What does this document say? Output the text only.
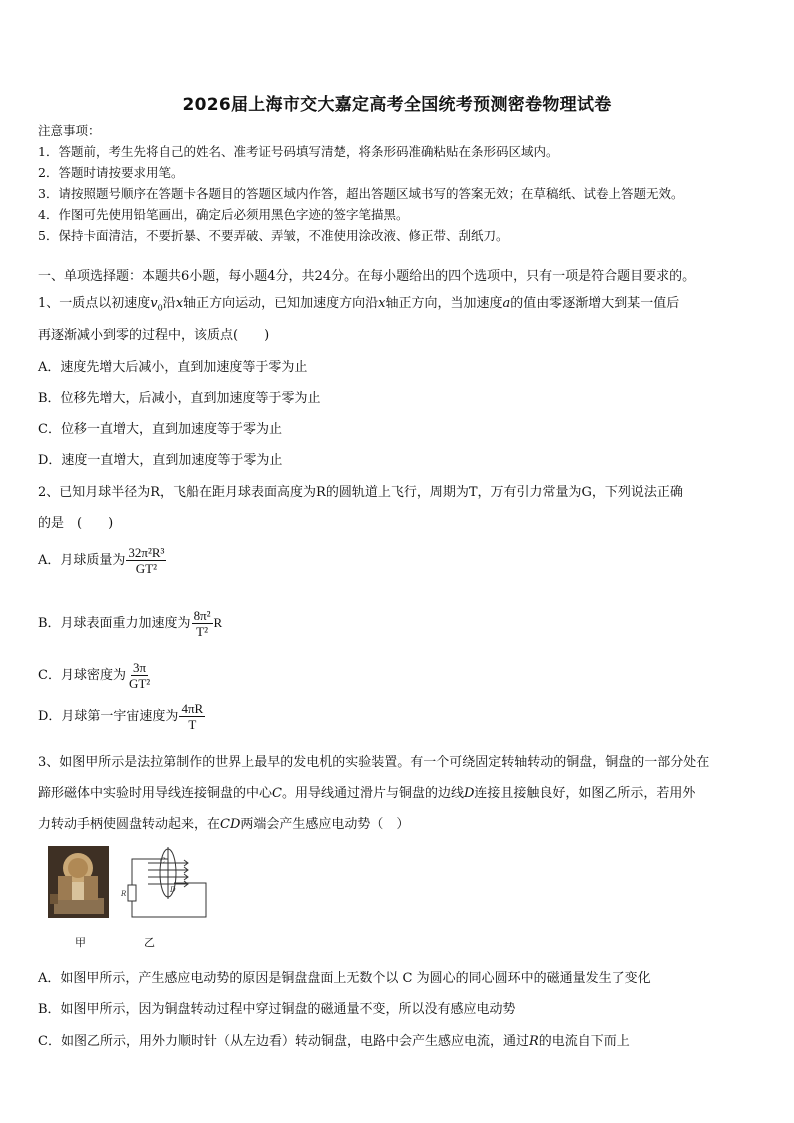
2026届上海市交大嘉定高考全国统考预测密卷物理试卷
注意事项：
1．答题前，考生先将自己的姓名、准考证号码填写清楚，将条形码准确粘贴在条形码区域内。
2．答题时请按要求用笔。
3．请按照题号顺序在答题卡各题目的答题区域内作答，超出答题区域书写的答案无效；在草稿纸、试卷上答题无效。
4．作图可先使用铅笔画出，确定后必须用黑色字迹的签字笔描黑。
5．保持卡面清洁，不要折暴、不要弄破、弄皱，不准使用涂改液、修正带、刮纸刀。
一、单项选择题：本题共6小题，每小题4分，共24分。在每小题给出的四个选项中，只有一项是符合题目要求的。
1、一质点以初速度$v_0$沿x轴正方向运动，已知加速度方向沿x轴正方向，当加速度a的值由零逐渐增大到某一值后
再逐渐减小到零的过程中，该质点(　　)
A．速度先增大后减小，直到加速度等于零为止
B．位移先增大，后减小，直到加速度等于零为止
C．位移一直增大，直到加速度等于零为止
D．速度一直增大，直到加速度等于零为止
2、已知月球半径为R，飞船在距月球表面高度为R的圆轨道上飞行，周期为T，万有引力常量为G，下列说法正确
的是　(　　)
A．月球质量为 $\frac{\text{32π²R³}}{\text{GT²}}$
B．月球表面重力加速度为 $\frac{\text{8π²}}{\text{T²}}$ R
C．月球密度为 $\frac{3\pi}{\text{GT²}}$
D．月球第一宇宙速度为 $\frac{4\pi R}{T}$
3、如图甲所示是法拉第制作的世界上最早的发电机的实验装置。有一个可绕固定转轴转动的铜盘，铜盘的一部分处在
蹄形磁体中实验时用导线连接铜盘的中心C。用导线通过滑片与铜盘的边线D连接且接触良好，如图乙所示，若用外
力转动手柄使圆盘转动起来，在CD两端会产生感应电动势（　）
甲
C
D
R
乙
A．如图甲所示，产生感应电动势的原因是铜盘盘面上无数个以 C 为圆心的同心圆环中的磁通量发生了变化
B．如图甲所示，因为铜盘转动过程中穿过铜盘的磁通量不变，所以没有感应电动势
C．如图乙所示，用外力顺时针（从左边看）转动铜盘，电路中会产生感应电流，通过R的电流自下而上
